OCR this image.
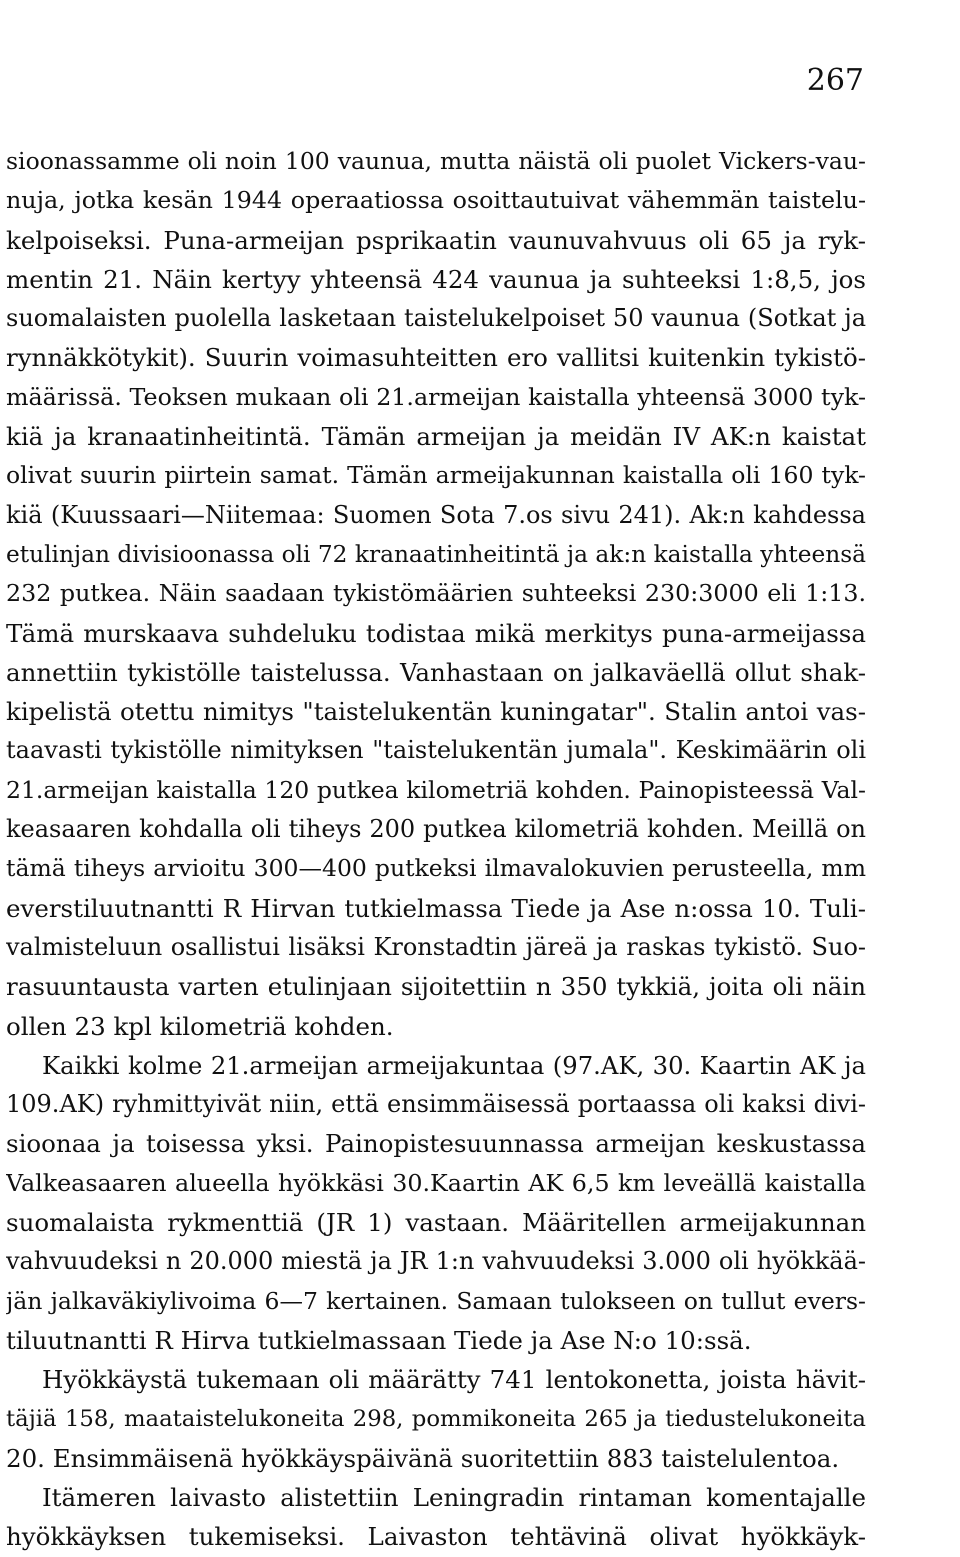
267
sioonassamme oli noin 100 vaunua, mutta näistä oli puolet Vickers-vau-
nuja, jotka kesän 1944 operaatiossa osoittautuivat vähemmän taistelu-
kelpoiseksi. Puna-armeijan psprikaatin vaunuvahvuus oli 65 ja ryk-
mentin 21. Näin kertyy yhteensä 424 vaunua ja suhteeksi 1:8,5, jos
suomalaisten puolella lasketaan taistelukelpoiset 50 vaunua (Sotkat ja
rynnäkkötykit). Suurin voimasuhteitten ero vallitsi kuitenkin tykistö-
määrissä. Teoksen mukaan oli 21.armeijan kaistalla yhteensä 3000 tyk-
kiä ja kranaatinheitintä. Tämän armeijan ja meidän IV AK:n kaistat
olivat suurin piirtein samat. Tämän armeijakunnan kaistalla oli 160 tyk-
kiä (Kuussaari—Niitemaa: Suomen Sota 7.os sivu 241). Ak:n kahdessa
etulinjan divisioonassa oli 72 kranaatinheitintä ja ak:n kaistalla yhteensä
232 putkea. Näin saadaan tykistömäärien suhteeksi 230:3000 eli 1:13.
Tämä murskaava suhdeluku todistaa mikä merkitys puna-armeijassa
annettiin tykistölle taistelussa. Vanhastaan on jalkaväellä ollut shak-
kipelistä otettu nimitys "taistelukentän kuningatar". Stalin antoi vas-
taavasti tykistölle nimityksen "taistelukentän jumala". Keskimäärin oli
21.armeijan kaistalla 120 putkea kilometriä kohden. Painopisteessä Val-
keasaaren kohdalla oli tiheys 200 putkea kilometriä kohden. Meillä on
tämä tiheys arvioitu 300—400 putkeksi ilmavalokuvien perusteella, mm
everstiluutnantti R Hirvan tutkielmassa Tiede ja Ase n:ossa 10. Tuli-
valmisteluun osallistui lisäksi Kronstadtin järeä ja raskas tykistö. Suo-
rasuuntausta varten etulinjaan sijoitettiin n 350 tykkiä, joita oli näin
ollen 23 kpl kilometriä kohden.
Kaikki kolme 21.armeijan armeijakuntaa (97.AK, 30. Kaartin AK ja
109.AK) ryhmittyivät niin, että ensimmäisessä portaassa oli kaksi divi-
sioonaa ja toisessa yksi. Painopistesuunnassa armeijan keskustassa
Valkeasaaren alueella hyökkäsi 30.Kaartin AK 6,5 km leveällä kaistalla
suomalaista rykmenttiä (JR 1) vastaan. Määritellen armeijakunnan
vahvuudeksi n 20.000 miestä ja JR 1:n vahvuudeksi 3.000 oli hyökkää-
jän jalkaväkiylivoima 6—7 kertainen. Samaan tulokseen on tullut evers-
tiluutnantti R Hirva tutkielmassaan Tiede ja Ase N:o 10:ssä.
Hyökkäystä tukemaan oli määrätty 741 lentokonetta, joista hävit-
täjiä 158, maataistelukoneita 298, pommikoneita 265 ja tiedustelukoneita
20. Ensimmäisenä hyökkäyspäivänä suoritettiin 883 taistelulentoa.
Itämeren laivasto alistettiin Leningradin rintaman komentajalle
hyökkäyksen tukemiseksi. Laivaston tehtävinä olivat hyökkäyk-
